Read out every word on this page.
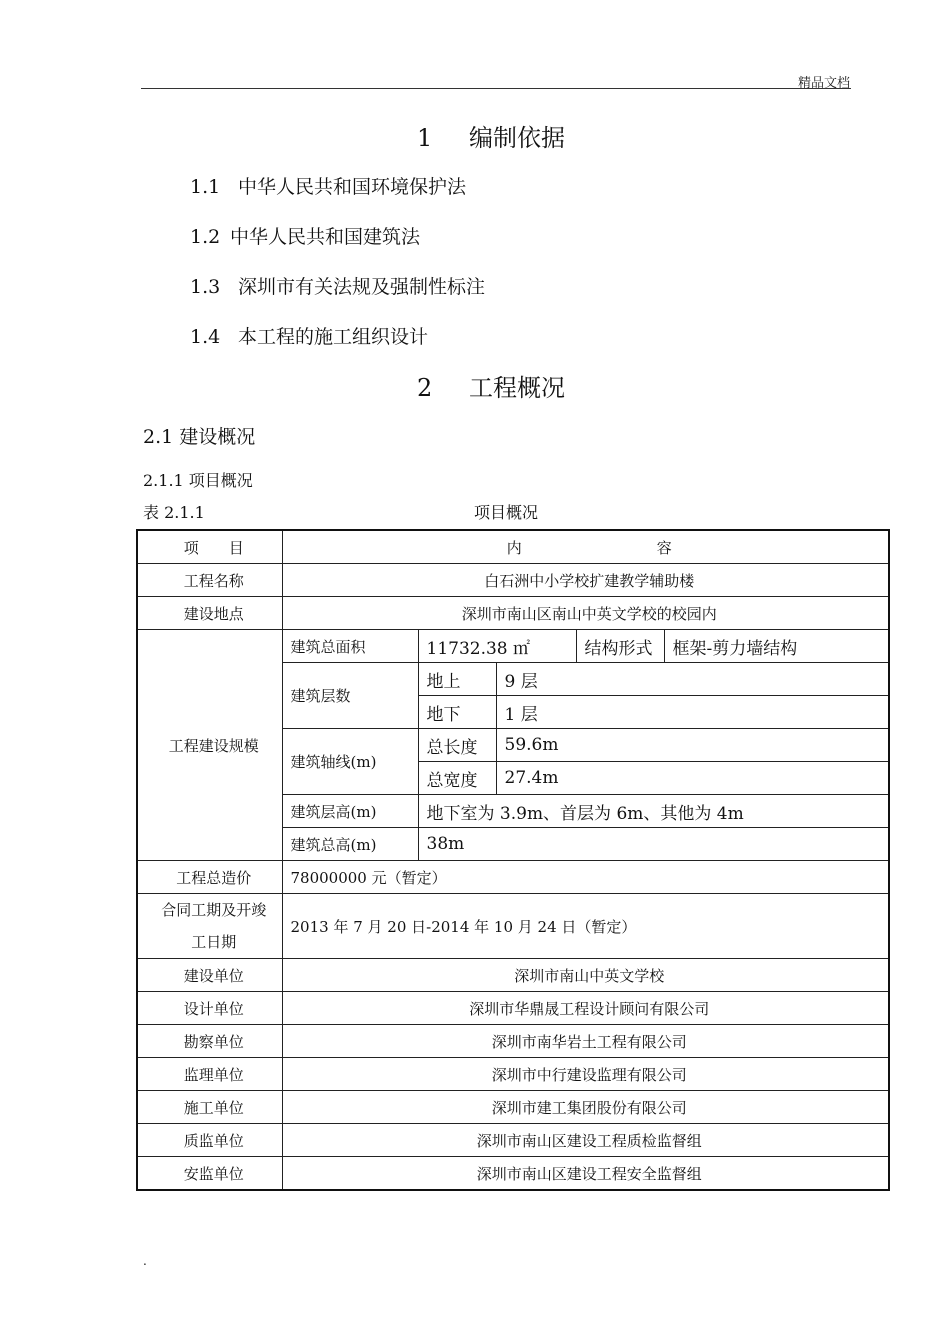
精品文档
1 编制依据
1.1 中华人民共和国环境保护法
1.2 中华人民共和国建筑法
1.3 深圳市有关法规及强制性标注
1.4 本工程的施工组织设计
2 工程概况
2.1 建设概况
2.1.1 项目概况
表 2.1.1	项目概况
项　　目	内　　　　　　　　　容				
工程名称	白石洲中小学校扩建教学辅助楼				
建设地点	深圳市南山区南山中英文学校的校园内				
工程建设规模	建筑总面积	11732.38 ㎡		结构形式	框架-剪力墙结构
	建筑层数	地上	9 层		
		地下	1 层		
	建筑轴线(m)	总长度	59.6m		
		总宽度	27.4m		
	建筑层高(m)	地下室为 3.9m、首层为 6m、其他为 4m			
	建筑总高(m)	38m			
工程总造价	78000000 元（暂定）				

合同工期及开竣
工日期	2013 年 7 月 20 日-2014 年 10 月 24 日（暂定）				
建设单位	深圳市南山中英文学校				
设计单位	深圳市华鼎晟工程设计顾问有限公司				
勘察单位	深圳市南华岩土工程有限公司				
监理单位	深圳市中行建设监理有限公司				
施工单位	深圳市建工集团股份有限公司				
质监单位	深圳市南山区建设工程质检监督组				
安监单位	深圳市南山区建设工程安全监督组				
.
